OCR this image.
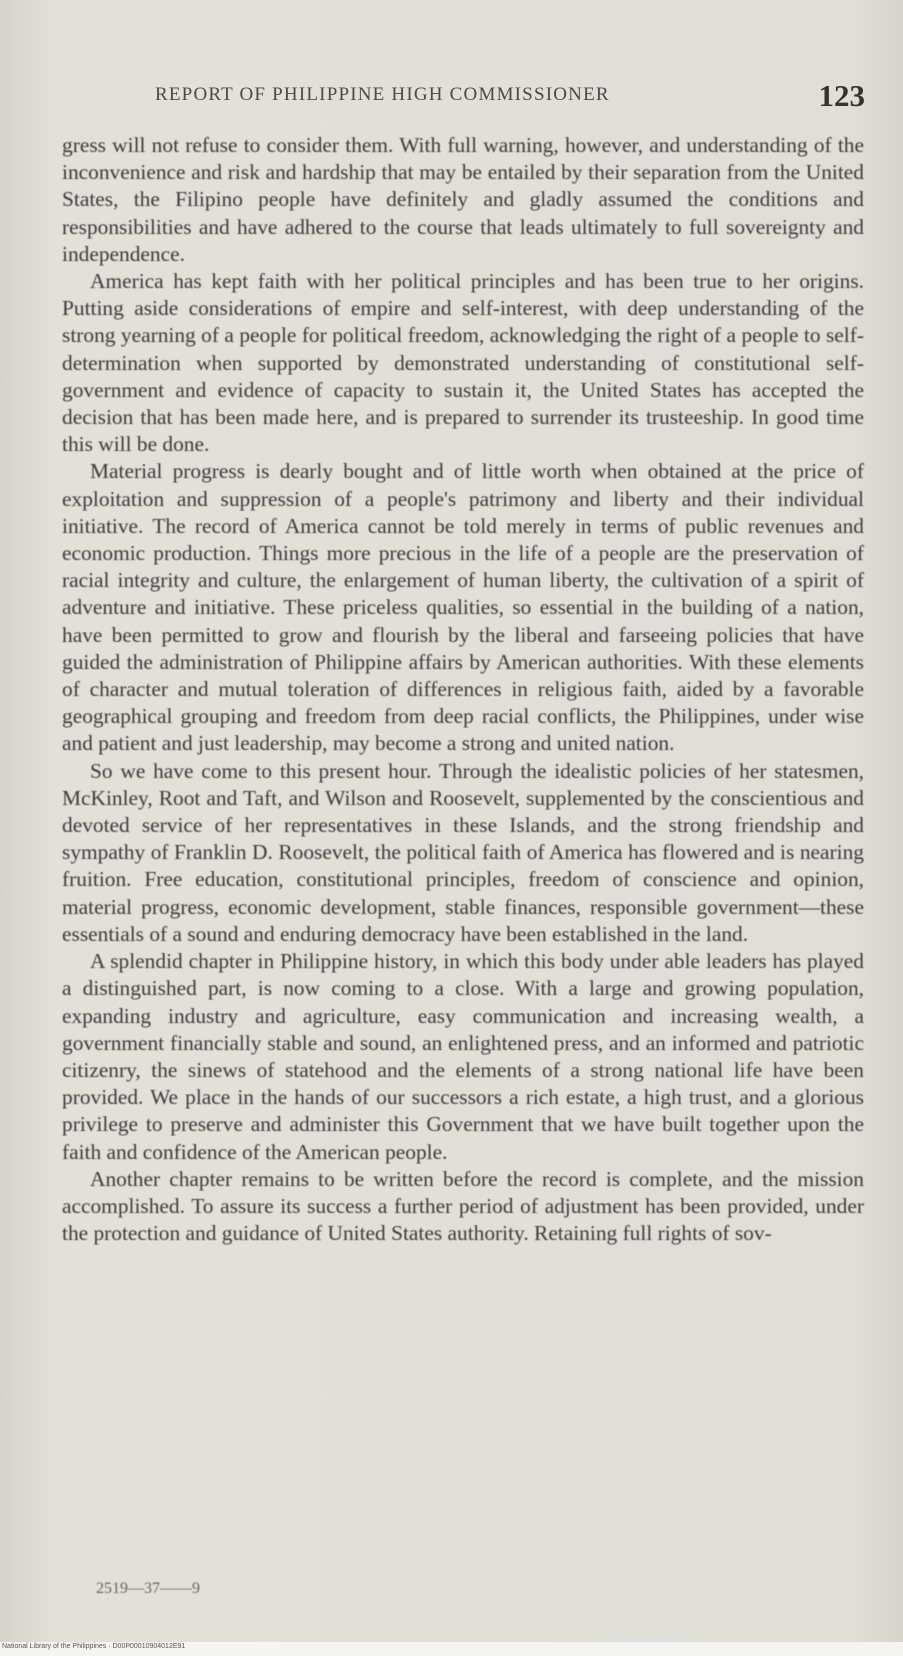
REPORT OF PHILIPPINE HIGH COMMISSIONER	123

gress will not refuse to consider them. With full warning, however, and understanding of the inconvenience and risk and hardship that may be entailed by their separation from the United States, the Filipino people have definitely and gladly assumed the conditions and responsibilities and have adhered to the course that leads ultimately to full sovereignty and independence.

America has kept faith with her political principles and has been true to her origins. Putting aside considerations of empire and self-interest, with deep understanding of the strong yearning of a people for political freedom, acknowledging the right of a people to self-determination when supported by demonstrated understanding of constitutional self-government and evidence of capacity to sustain it, the United States has accepted the decision that has been made here, and is prepared to surrender its trusteeship. In good time this will be done.

Material progress is dearly bought and of little worth when obtained at the price of exploitation and suppression of a people's patrimony and liberty and their individual initiative. The record of America cannot be told merely in terms of public revenues and economic production. Things more precious in the life of a people are the preservation of racial integrity and culture, the enlargement of human liberty, the cultivation of a spirit of adventure and initiative. These priceless qualities, so essential in the building of a nation, have been permitted to grow and flourish by the liberal and farseeing policies that have guided the administration of Philippine affairs by American authorities. With these elements of character and mutual toleration of differences in religious faith, aided by a favorable geographical grouping and freedom from deep racial conflicts, the Philippines, under wise and patient and just leadership, may become a strong and united nation.

So we have come to this present hour. Through the idealistic policies of her statesmen, McKinley, Root and Taft, and Wilson and Roosevelt, supplemented by the conscientious and devoted service of her representatives in these Islands, and the strong friendship and sympathy of Franklin D. Roosevelt, the political faith of America has flowered and is nearing fruition. Free education, constitutional principles, freedom of conscience and opinion, material progress, economic development, stable finances, responsible government—these essentials of a sound and enduring democracy have been established in the land.

A splendid chapter in Philippine history, in which this body under able leaders has played a distinguished part, is now coming to a close. With a large and growing population, expanding industry and agriculture, easy communication and increasing wealth, a government financially stable and sound, an enlightened press, and an informed and patriotic citizenry, the sinews of statehood and the elements of a strong national life have been provided. We place in the hands of our successors a rich estate, a high trust, and a glorious privilege to preserve and administer this Government that we have built together upon the faith and confidence of the American people.

Another chapter remains to be written before the record is complete, and the mission accomplished. To assure its success a further period of adjustment has been provided, under the protection and guidance of United States authority. Retaining full rights of sov-

2519—37——9
National Library of the Philippines · D00P00010904012E91
